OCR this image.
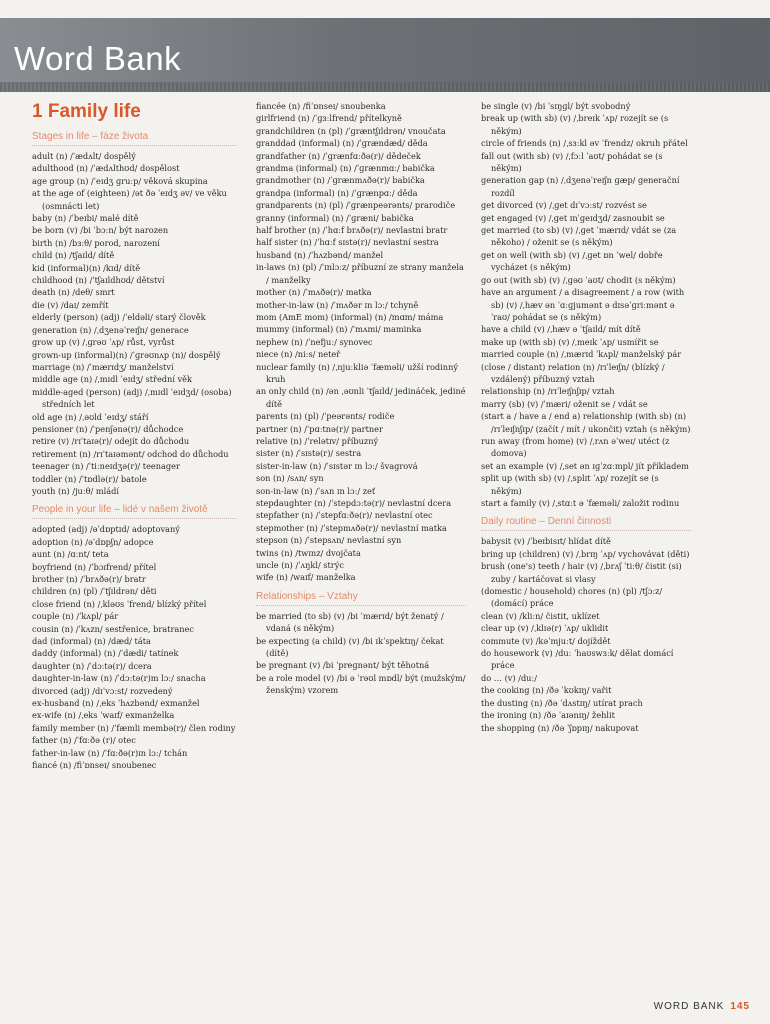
Word Bank
1 Family life

Stages in life – fáze života

adult (n) /ˈædʌlt/ dospělý

adulthood (n) /ˈædʌlthʊd/ dospělost

age group (n) /ˈeɪdʒ ɡruːp/ věková skupina

at the age of (eighteen) /ət ðə ˈeɪdʒ əv/ ve věku (osmnácti let)

baby (n) /ˈbeɪbi/ malé dítě

be born (v) /bi ˈbɔːn/ být narozen

birth (n) /bɜːθ/ porod, narození

child (n) /tʃaɪld/ dítě

kid (informal)(n) /kɪd/ dítě

childhood (n) /ˈtʃaɪldhʊd/ dětství

death (n) /deθ/ smrt

die (v) /daɪ/ zemřít

elderly (person) (adj) /ˈeldəli/ starý člověk

generation (n) /ˌdʒenəˈreɪʃn/ generace

grow up (v) /ˌɡrəʊ ˈʌp/ růst, vyrůst

grown-up (informal)(n) /ˈɡrəʊnʌp (n)/ dospělý

marriage (n) /ˈmærɪdʒ/ manželství

middle age (n) /ˌmɪdl ˈeɪdʒ/ střední věk

middle-aged (person) (adj) /ˌmɪdl ˈeɪdʒd/ (osoba) středních let

old age (n) /ˌəʊld ˈeɪdʒ/ stáří

pensioner (n) /ˈpenʃənə(r)/ důchodce

retire (v) /rɪˈtaɪə(r)/ odejít do důchodu

retirement (n) /rɪˈtaɪəmənt/ odchod do důchodu

teenager (n) /ˈtiːneɪdʒə(r)/ teenager

toddler (n) /ˈtɒdlə(r)/ batole

youth (n) /juːθ/ mládí

People in your life – lidé v našem životě

adopted (adj) /əˈdɒptɪd/ adoptovaný

adoption (n) /əˈdɒpʃn/ adopce

aunt (n) /ɑːnt/ teta

boyfriend (n) /ˈbɔɪfrend/ přítel

brother (n) /ˈbrʌðə(r)/ bratr

children (n) (pl) /ˈtʃɪldrən/ děti

close friend (n) /ˌkləʊs ˈfrend/ blízký přítel

couple (n) /ˈkʌpl/ pár

cousin (n) /ˈkʌzn/ sestřenice, bratranec

dad (informal) (n) /dæd/ táta

daddy (informal) (n) /ˈdædi/ tatínek

daughter (n) /ˈdɔːtə(r)/ dcera

daughter-in-law (n) /ˈdɔːtə(r)m lɔː/ snacha

divorced (adj) /dɪˈvɔːst/ rozvedený

ex-husband (n) /ˌeks ˈhʌzbənd/ exmanžel

ex-wife (n) /ˌeks ˈwaɪf/ exmanželka

family member (n) /ˈfæmli membə(r)/ člen rodiny

father (n) /ˈfɑːðə (r)/ otec

father-in-law (n) /ˈfɑːðə(r)ɪn lɔː/ tchán

fiancé (n) /fiˈɒnseɪ/ snoubenec

fiancée (n) /fiˈɒnseɪ/ snoubenka

girlfriend (n) /ˈɡɜːlfrend/ přítelkyně

grandchildren (n (pl) /ˈɡræntʃɪldrən/ vnoučata

granddad (informal) (n) /ˈɡrændæd/ děda

grandfather (n) /ˈɡrænfɑːðə(r)/ dědeček

grandma (informal) (n) /ˈɡrænmɑː/ babička

grandmother (n) /ˈɡrænmʌðə(r)/ babička

grandpa (informal) (n) /ˈɡrænpɑː/ děda

grandparents (n) (pl) /ˈɡrænpeərənts/ prarodiče

granny (informal) (n) /ˈɡræni/ babička

half brother (n) /ˈhɑːf brʌðə(r)/ nevlastní bratr

half sister (n) /ˈhɑːf sɪstə(r)/ nevlastní sestra

husband (n) /ˈhʌzbənd/ manžel

in-laws (n) (pl) /ˈɪnlɔːz/ příbuzní ze strany manžela / manželky

mother (n) /ˈmʌðə(r)/ matka

mother-in-law (n) /ˈmʌðər ɪn lɔː/ tchyně

mom (AmE mom) (informal) (n) /mɑm/ máma

mummy (informal) (n) /ˈmʌmi/ maminka

nephew (n) /ˈnefjuː/ synovec

niece (n) /niːs/ neteř

nuclear family (n) /ˌnjuːkliə ˈfæməli/ užší rodinný kruh

an only child (n) /ən ˌəʊnli ˈtʃaɪld/ jedináček, jediné dítě

parents (n) (pl) /ˈpeərənts/ rodiče

partner (n) /ˈpɑːtnə(r)/ partner

relative (n) /ˈrelətɪv/ příbuzný

sister (n) /ˈsɪstə(r)/ sestra

sister-in-law (n) /ˈsɪstər ɪn lɔː/ švagrová

son (n) /sʌn/ syn

son-in-law (n) /ˈsʌn ɪn lɔː/ zeť

stepdaughter (n) /ˈstepdɔːtə(r)/ nevlastní dcera

stepfather (n) /ˈstepfɑːðə(r)/ nevlastní otec

stepmother (n) /ˈstepmʌðə(r)/ nevlastní matka

stepson (n) /ˈstepsʌn/ nevlastní syn

twins (n) /twɪnz/ dvojčata

uncle (n) /ˈʌŋkl/ strýc

wife (n) /waɪf/ manželka

Relationships – Vztahy

be married (to sb) (v) /bi ˈmærɪd/ být ženatý / vdaná (s někým)

be expecting (a child) (v) /bi ɪkˈspektɪŋ/ čekat (dítě)

be pregnant (v) /bi ˈpreɡnənt/ být těhotná

be a role model (v) /bi ə ˈrəʊl mɒdl/ být (mužským/ženským) vzorem

be single (v) /bi ˈsɪŋɡl/ být svobodný

break up (with sb) (v) /ˌbreɪk ˈʌp/ rozejít se (s někým)

circle of friends (n) /ˌsɜːkl əv ˈfrendz/ okruh přátel

fall out (with sb) (v) /ˌfɔːl ˈaʊt/ pohádat se (s někým)

generation gap (n) /ˌdʒenəˈreɪʃn ɡæp/ generační rozdíl

get divorced (v) /ˌɡet dɪˈvɔːst/ rozvést se

get engaged (v) /ˌɡet ɪnˈɡeɪdʒd/ zasnoubit se

get married (to sb) (v) /ˌɡet ˈmærɪd/ vdát se (za někoho) / oženit se (s někým)

get on well (with sb) (v) /ˌɡet ɒn ˈwel/ dobře vycházet (s někým)

go out (with sb) (v) /ˌɡəʊ ˈaʊt/ chodit (s někým)

have an argument / a disagreement / a row (with sb) (v) /ˌhæv ən ˈɑːɡjumənt ə dɪsəˈɡriːmənt ə ˈraʊ/ pohádat se (s někým)

have a child (v) /ˌhæv ə ˈtʃaɪld/ mít dítě

make up (with sb) (v) /ˌmeɪk ˈʌp/ usmířit se

married couple (n) /ˌmærɪd ˈkʌpl/ manželský pár

(close / distant) relation (n) /rɪˈleɪʃn/ (blízký / vzdálený) příbuzný vztah

relationship (n) /rɪˈleɪʃnʃɪp/ vztah

marry (sb) (v) /ˈmæri/ oženit se / vdát se

(start a / have a / end a) relationship (with sb) (n) /rɪˈleɪʃnʃɪp/ (začít / mít / ukončit) vztah (s někým)

run away (from home) (v) /ˌrʌn əˈweɪ/ utéct (z domova)

set an example (v) /ˌset ən ɪɡˈzɑːmpl/ jít příkladem

split up (with sb) (v) /ˌsplɪt ˈʌp/ rozejít se (s někým)

start a family (v) /ˌstɑːt ə ˈfæməli/ založit rodinu

Daily routine – Denní činnosti

babysit (v) /ˈbeɪbisɪt/ hlídat dítě

bring up (children) (v) /ˌbrɪŋ ˈʌp/ vychovávat (děti)

brush (one's) teeth / hair (v) /ˌbrʌʃ ˈtiːθ/ čistit (si) zuby / kartáčovat si vlasy

(domestic / household) chores (n) (pl) /tʃɔːz/ (domácí) práce

clean (v) /kliːn/ čistit, uklízet

clear up (v) /ˌklɪə(r) ˈʌp/ uklidit

commute (v) /kəˈmjuːt/ dojíždět

do housework (v) /duː ˈhaʊswɜːk/ dělat domácí práce

do … (v) /duː/

the cooking (n) /ðə ˈkʊkɪŋ/ vařit

the dusting (n) /ðə ˈdʌstɪŋ/ utírat prach

the ironing (n) /ðə ˈaɪənɪŋ/ žehlit

the shopping (n) /ðə ˈʃɒpɪŋ/ nakupovat

WORD BANK 145
